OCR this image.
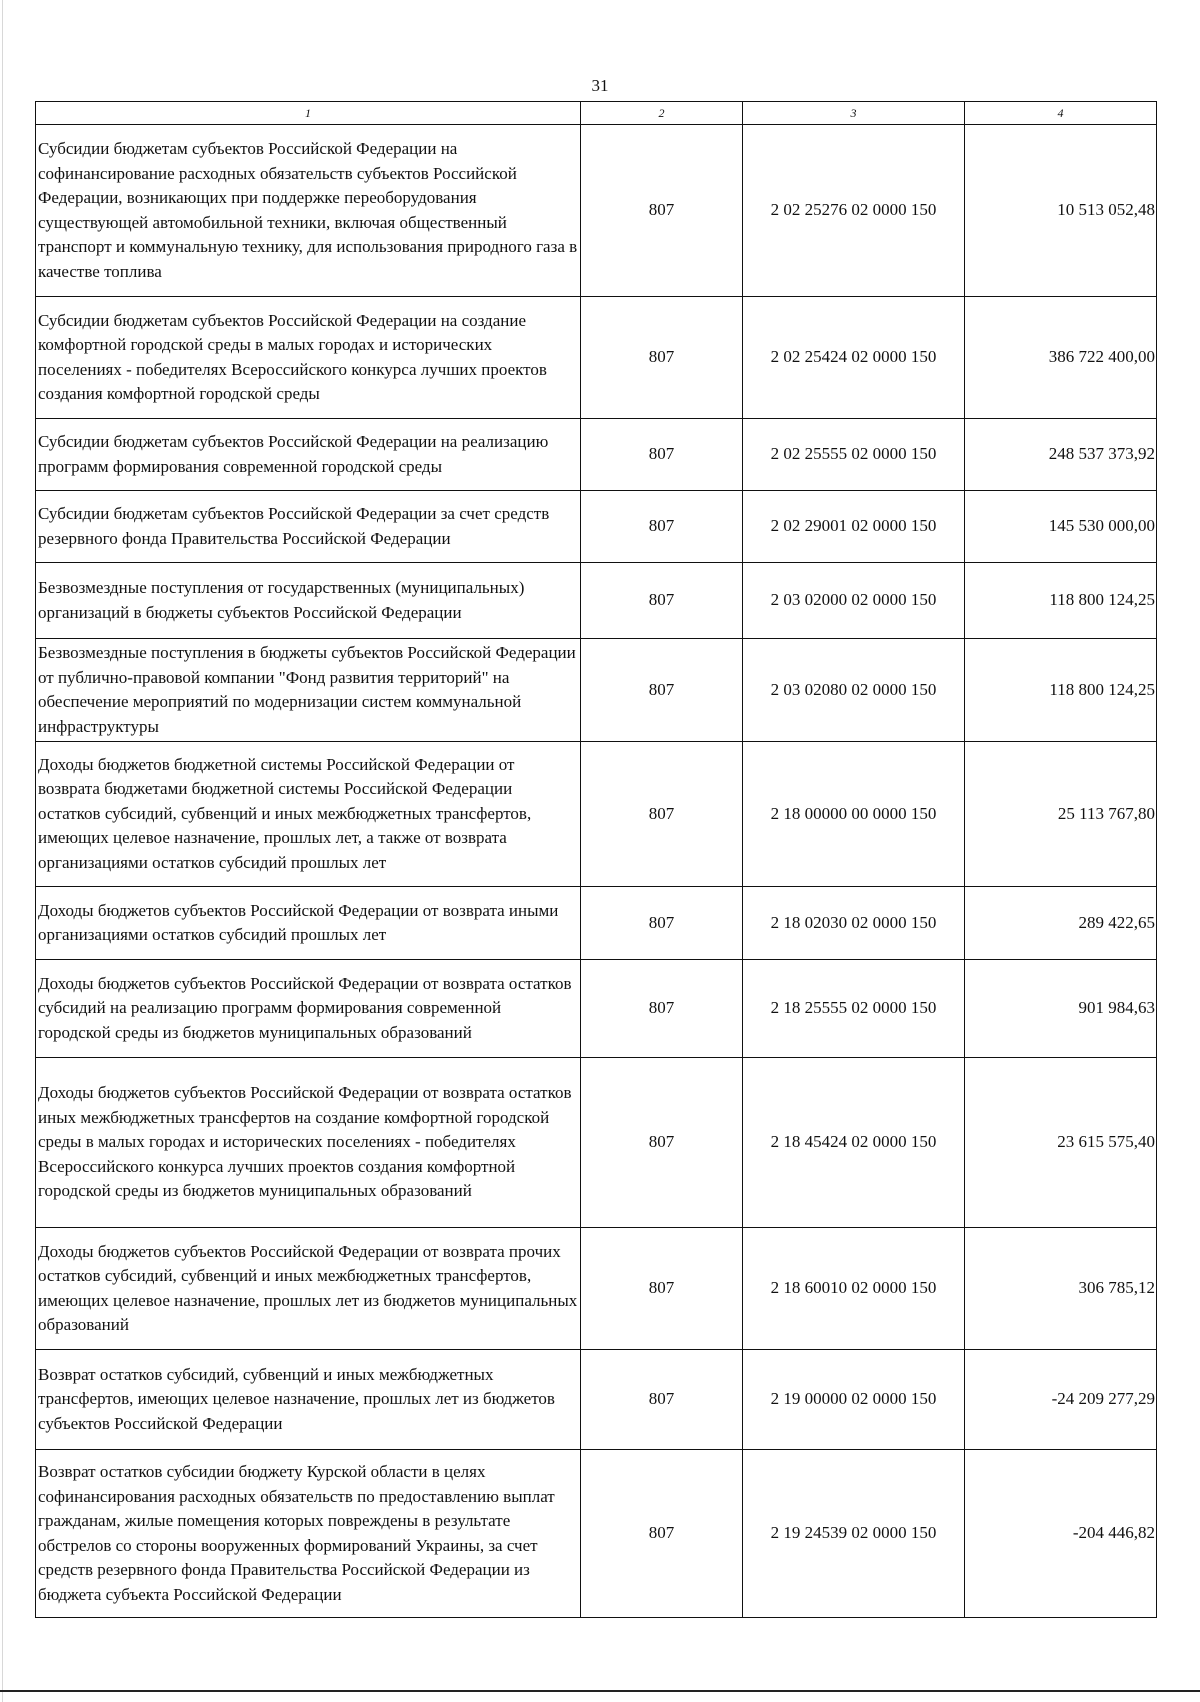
31
1	2	3	4
Субсидии бюджетам субъектов Российской Федерации на софинансирование расходных обязательств субъектов Российской Федерации, возникающих при поддержке переоборудования существующей автомобильной техники, включая общественный транспорт и коммунальную технику, для использования природного газа в качестве топлива	807	2 02 25276 02 0000 150	10 513 052,48
Субсидии бюджетам субъектов Российской Федерации на создание комфортной городской среды в малых городах и исторических поселениях - победителях Всероссийского конкурса лучших проектов создания комфортной городской среды	807	2 02 25424 02 0000 150	386 722 400,00
Субсидии бюджетам субъектов Российской Федерации на реализацию программ формирования современной городской среды	807	2 02 25555 02 0000 150	248 537 373,92
Субсидии бюджетам субъектов Российской Федерации за счет средств резервного фонда Правительства Российской Федерации	807	2 02 29001 02 0000 150	145 530 000,00
Безвозмездные поступления от государственных (муниципальных) организаций в бюджеты субъектов Российской Федерации	807	2 03 02000 02 0000 150	118 800 124,25
Безвозмездные поступления в бюджеты субъектов Российской Федерации от публично-правовой компании "Фонд развития территорий" на обеспечение мероприятий по модернизации систем коммунальной инфраструктуры	807	2 03 02080 02 0000 150	118 800 124,25
Доходы бюджетов бюджетной системы Российской Федерации от возврата бюджетами бюджетной системы Российской Федерации остатков субсидий, субвенций и иных межбюджетных трансфертов, имеющих целевое назначение, прошлых лет, а также от возврата организациями остатков субсидий прошлых лет	807	2 18 00000 00 0000 150	25 113 767,80
Доходы бюджетов субъектов Российской Федерации от возврата иными организациями остатков субсидий прошлых лет	807	2 18 02030 02 0000 150	289 422,65
Доходы бюджетов субъектов Российской Федерации от возврата остатков субсидий на реализацию программ формирования современной городской среды из бюджетов муниципальных образований	807	2 18 25555 02 0000 150	901 984,63
Доходы бюджетов субъектов Российской Федерации от возврата остатков иных межбюджетных трансфертов на создание комфортной городской среды в малых городах и исторических поселениях - победителях Всероссийского конкурса лучших проектов создания комфортной городской среды из бюджетов муниципальных образований	807	2 18 45424 02 0000 150	23 615 575,40
Доходы бюджетов субъектов Российской Федерации от возврата прочих остатков субсидий, субвенций и иных межбюджетных трансфертов, имеющих целевое назначение, прошлых лет из бюджетов муниципальных образований	807	2 18 60010 02 0000 150	306 785,12
Возврат остатков субсидий, субвенций и иных межбюджетных трансфертов, имеющих целевое назначение, прошлых лет из бюджетов субъектов Российской Федерации	807	2 19 00000 02 0000 150	-24 209 277,29
Возврат остатков субсидии бюджету Курской области в целях софинансирования расходных обязательств по предоставлению выплат гражданам, жилые помещения которых повреждены в результате обстрелов со стороны вооруженных формирований Украины, за счет средств резервного фонда Правительства Российской Федерации из бюджета субъекта Российской Федерации	807	2 19 24539 02 0000 150	-204 446,82
